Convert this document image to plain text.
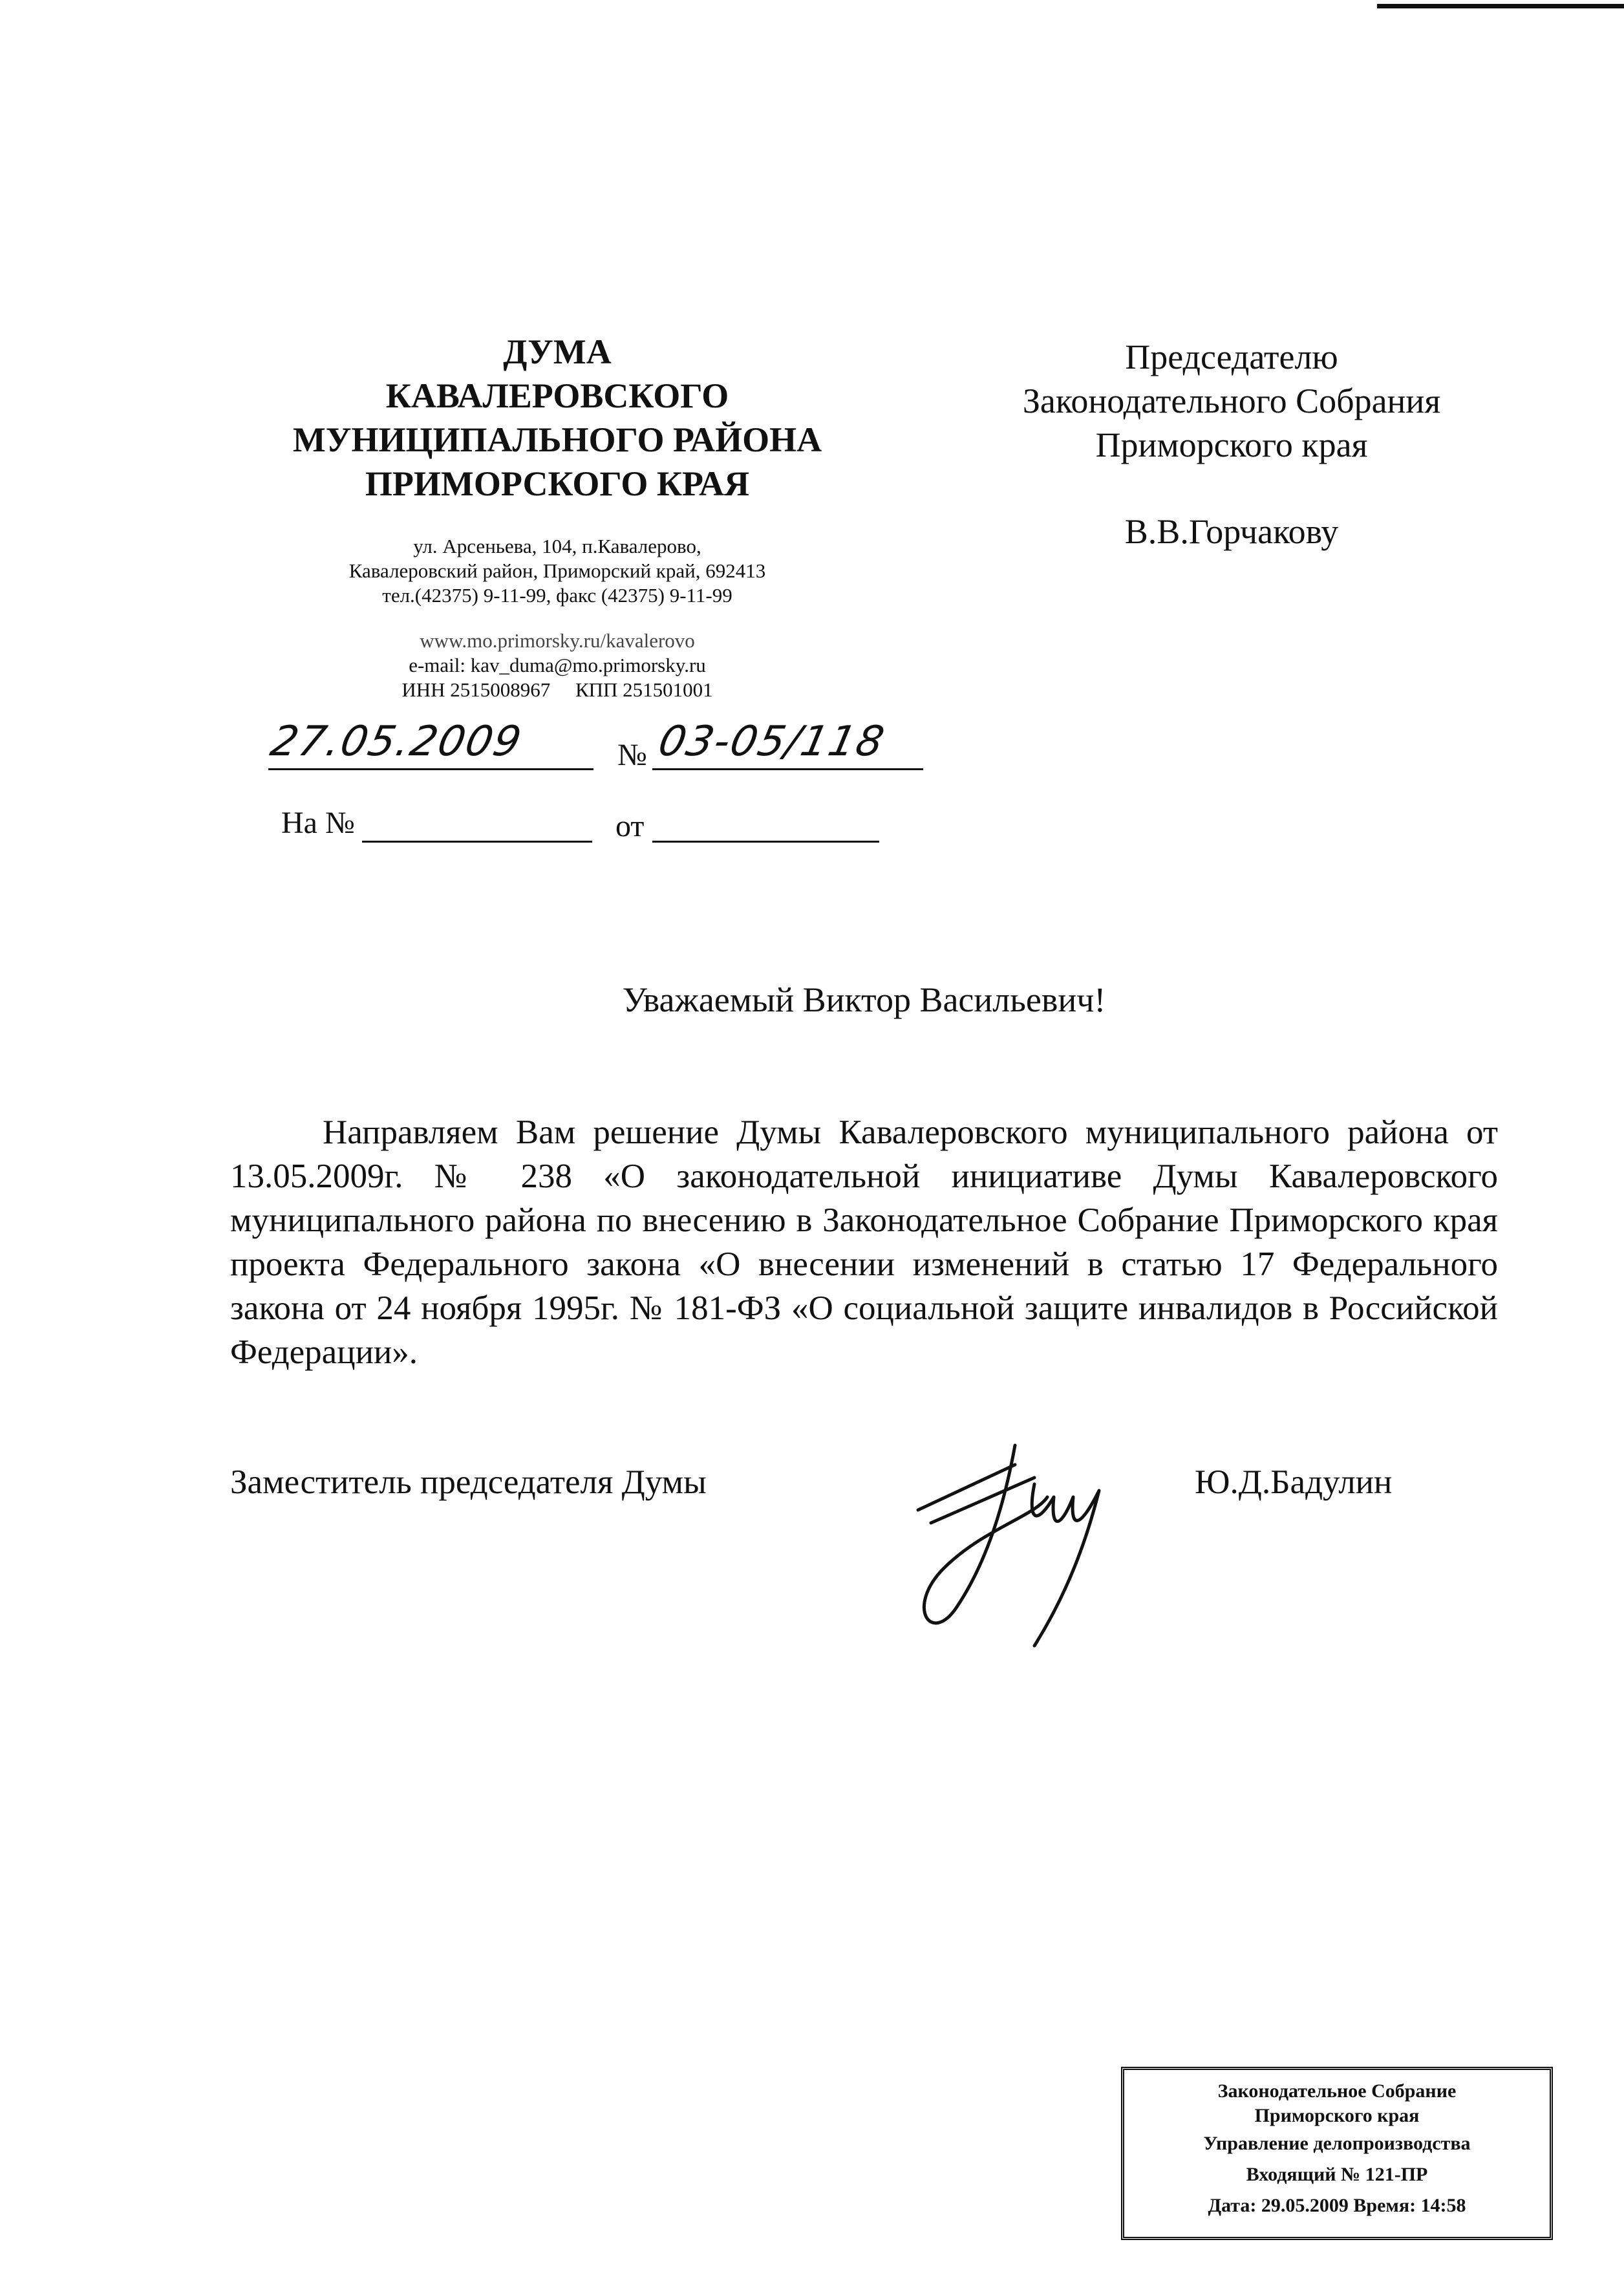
ДУМА
КАВАЛЕРОВСКОГО
МУНИЦИПАЛЬНОГО РАЙОНА
ПРИМОРСКОГО КРАЯ
ул. Арсеньева, 104, п.Кавалерово,
Кавалеровский район, Приморский край, 692413
тел.(42375) 9-11-99, факс (42375) 9-11-99
www.mo.primorsky.ru/kavalerovo
e-mail: kav_duma@mo.primorsky.ru
ИНН 2515008967     КПП 251501001
Председателю
Законодательного Собрания
Приморского края
В.В.Горчакову
27.05.2009	№ 03-05/118
На №	от
Уважаемый Виктор Васильевич!

Направляем Вам решение Думы Кавалеровского муниципального района от 13.05.2009г. № 238 «О законодательной инициативе Думы Кавалеровского муниципального района по внесению в Законодательное Собрание Приморского края проекта Федерального закона «О внесении изменений в статью 17 Федерального закона от 24 ноября 1995г. № 181-ФЗ «О социальной защите инвалидов в Российской Федерации».

Заместитель председателя Думы	Ю.Д.Бадулин
Законодательное Собрание
Приморского края
Управление делопроизводства
Входящий № 121-ПР
Дата: 29.05.2009 Время: 14:58
